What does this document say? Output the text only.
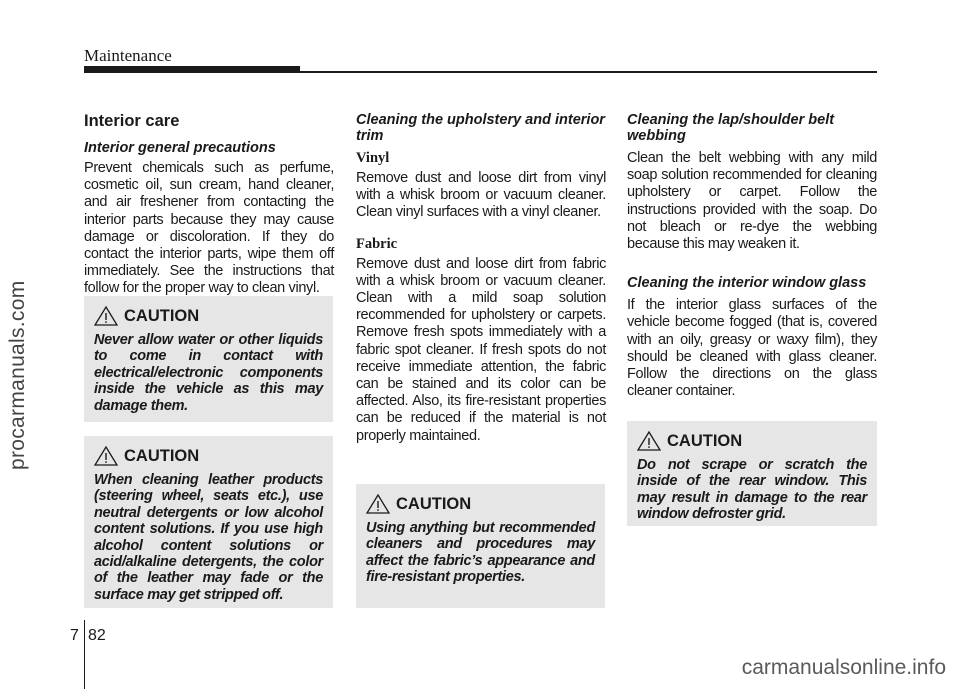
procarmanuals.com
Maintenance
Interior care
Interior general precautions

Prevent chemicals such as perfume, cosmetic oil, sun cream, hand cleaner, and air freshener from contacting the interior parts because they may cause damage or discoloration. If they do contact the interior parts, wipe them off immediately. See the instructions that follow for the proper way to clean vinyl.

CAUTION
Never allow water or other liquids to come in contact with electrical/electronic components inside the vehicle as this may damage them.
CAUTION
When cleaning leather products (steering wheel, seats etc.), use neutral detergents or low alcohol content solutions. If you use high alcohol content solutions or acid/alkaline detergents, the color of the leather may fade or the surface may get stripped off.
Cleaning the upholstery and interior trim
Vinyl

Remove dust and loose dirt from vinyl with a whisk broom or vacuum cleaner. Clean vinyl surfaces with a vinyl cleaner.

Fabric

Remove dust and loose dirt from fabric with a whisk broom or vacuum cleaner. Clean with a mild soap solution recommended for upholstery or carpets. Remove fresh spots immediately with a fabric spot cleaner. If fresh spots do not receive immediate attention, the fabric can be stained and its color can be affected. Also, its fire-resistant properties can be reduced if the material is not properly maintained.

CAUTION
Using anything but recommended cleaners and procedures may affect the fabric’s appearance and fire-resistant properties.
Cleaning the lap/shoulder belt webbing

Clean the belt webbing with any mild soap solution recommended for cleaning upholstery or carpet. Follow the instructions provided with the soap. Do not bleach or re-dye the webbing because this may weaken it.

Cleaning the interior window glass

If the interior glass surfaces of the vehicle become fogged (that is, covered with an oily, greasy or waxy film), they should be cleaned with glass cleaner. Follow the directions on the glass cleaner container.

CAUTION
Do not scrape or scratch the inside of the rear window. This may result in damage to the rear window defroster grid.
7 82
carmanualsonline.info
